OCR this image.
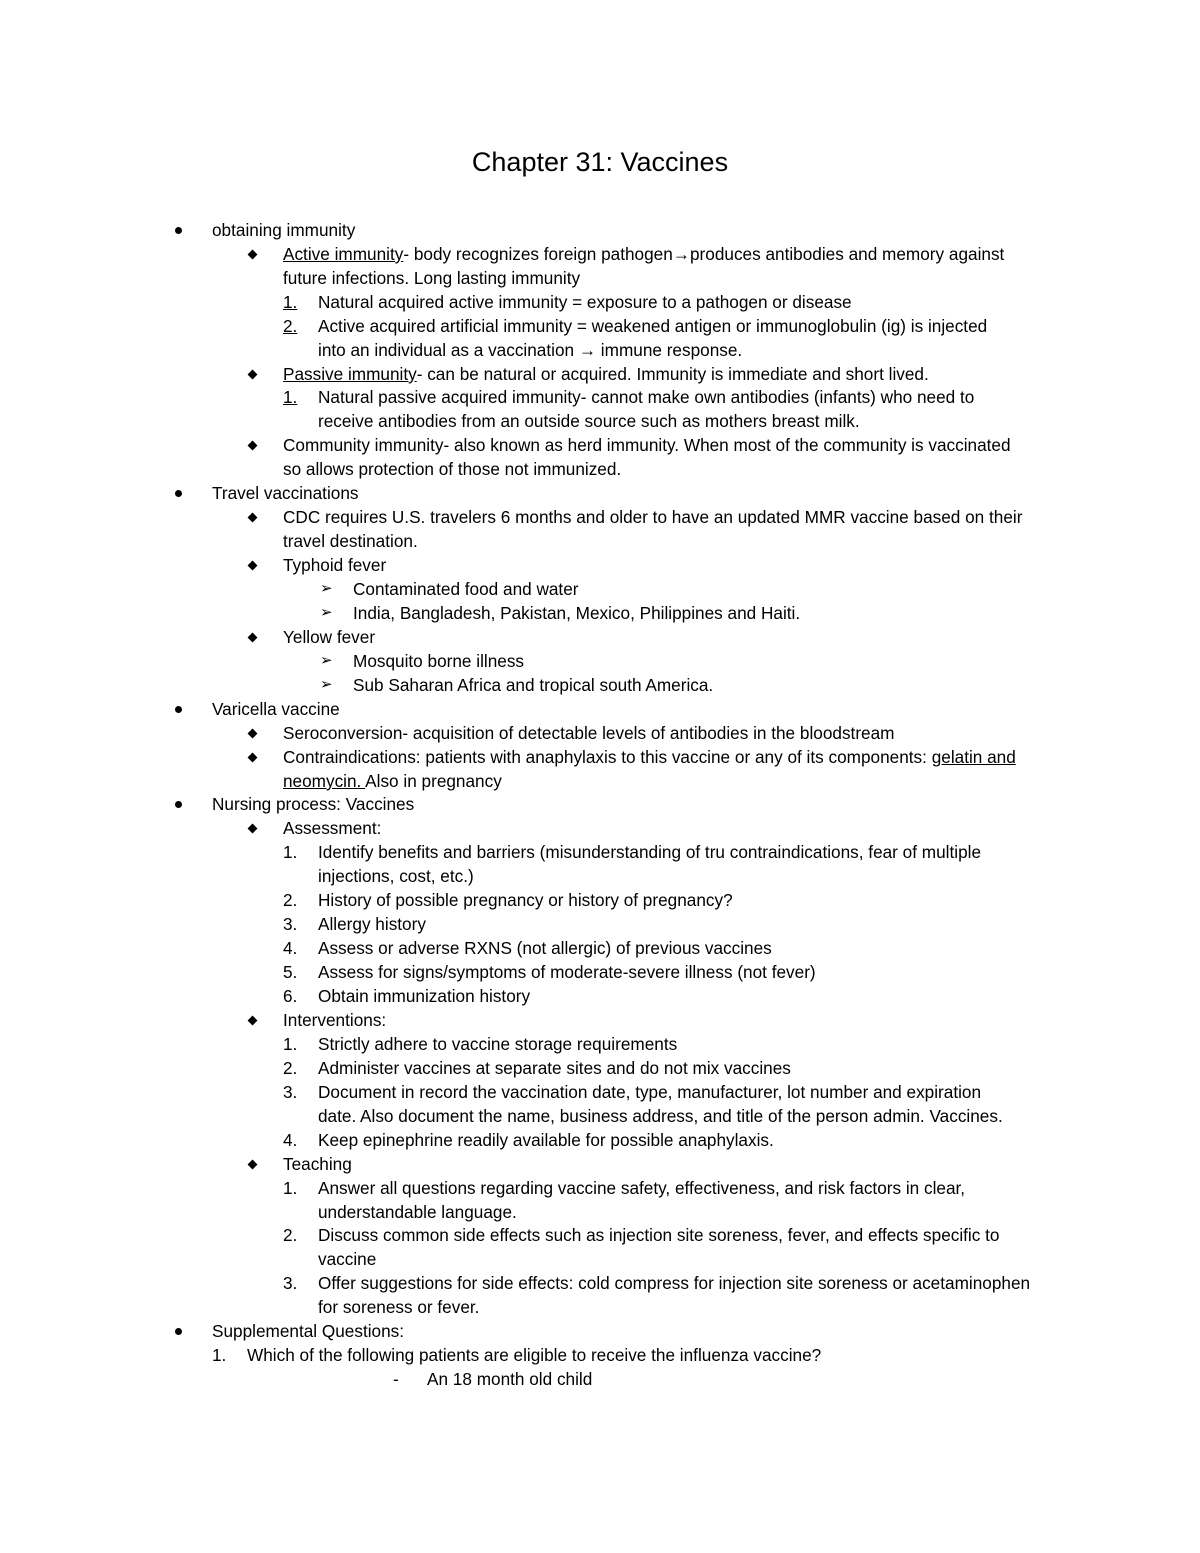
Chapter 31: Vaccines
obtaining immunity
Active immunity- body recognizes foreign pathogen→produces antibodies and memory against
future infections. Long lasting immunity
1.	Natural acquired active immunity = exposure to a pathogen or disease
2.	Active acquired artificial immunity = weakened antigen or immunoglobulin (ig) is injected
into an individual as a vaccination → immune response.
Passive immunity- can be natural or acquired. Immunity is immediate and short lived.
1.	Natural passive acquired immunity- cannot make own antibodies (infants) who need to
receive antibodies from an outside source such as mothers breast milk.
Community immunity- also known as herd immunity. When most of the community is vaccinated
so allows protection of those not immunized.
Travel vaccinations
CDC requires U.S. travelers 6 months and older to have an updated MMR vaccine based on their
travel destination.
Typhoid fever
➢ Contaminated food and water
➢ India, Bangladesh, Pakistan, Mexico, Philippines and Haiti.
Yellow fever
➢ Mosquito borne illness
➢ Sub Saharan Africa and tropical south America.
Varicella vaccine
Seroconversion- acquisition of detectable levels of antibodies in the bloodstream
Contraindications: patients with anaphylaxis to this vaccine or any of its components: gelatin and
neomycin. Also in pregnancy
Nursing process: Vaccines
Assessment:
1.	Identify benefits and barriers (misunderstanding of tru contraindications, fear of multiple
injections, cost, etc.)
2.	History of possible pregnancy or history of pregnancy?
3.	Allergy history
4.	Assess or adverse RXNS (not allergic) of previous vaccines
5.	Assess for signs/symptoms of moderate-severe illness (not fever)
6.	Obtain immunization history
Interventions:
1.	Strictly adhere to vaccine storage requirements
2.	Administer vaccines at separate sites and do not mix vaccines
3.	Document in record the vaccination date, type, manufacturer, lot number and expiration
date. Also document the name, business address, and title of the person admin. Vaccines.
4.	Keep epinephrine readily available for possible anaphylaxis.
Teaching
1.	Answer all questions regarding vaccine safety, effectiveness, and risk factors in clear,
understandable language.
2.	Discuss common side effects such as injection site soreness, fever, and effects specific to
vaccine
3.	Offer suggestions for side effects: cold compress for injection site soreness or acetaminophen
for soreness or fever.
Supplemental Questions:
1.	Which of the following patients are eligible to receive the influenza vaccine?
-	An 18 month old child
